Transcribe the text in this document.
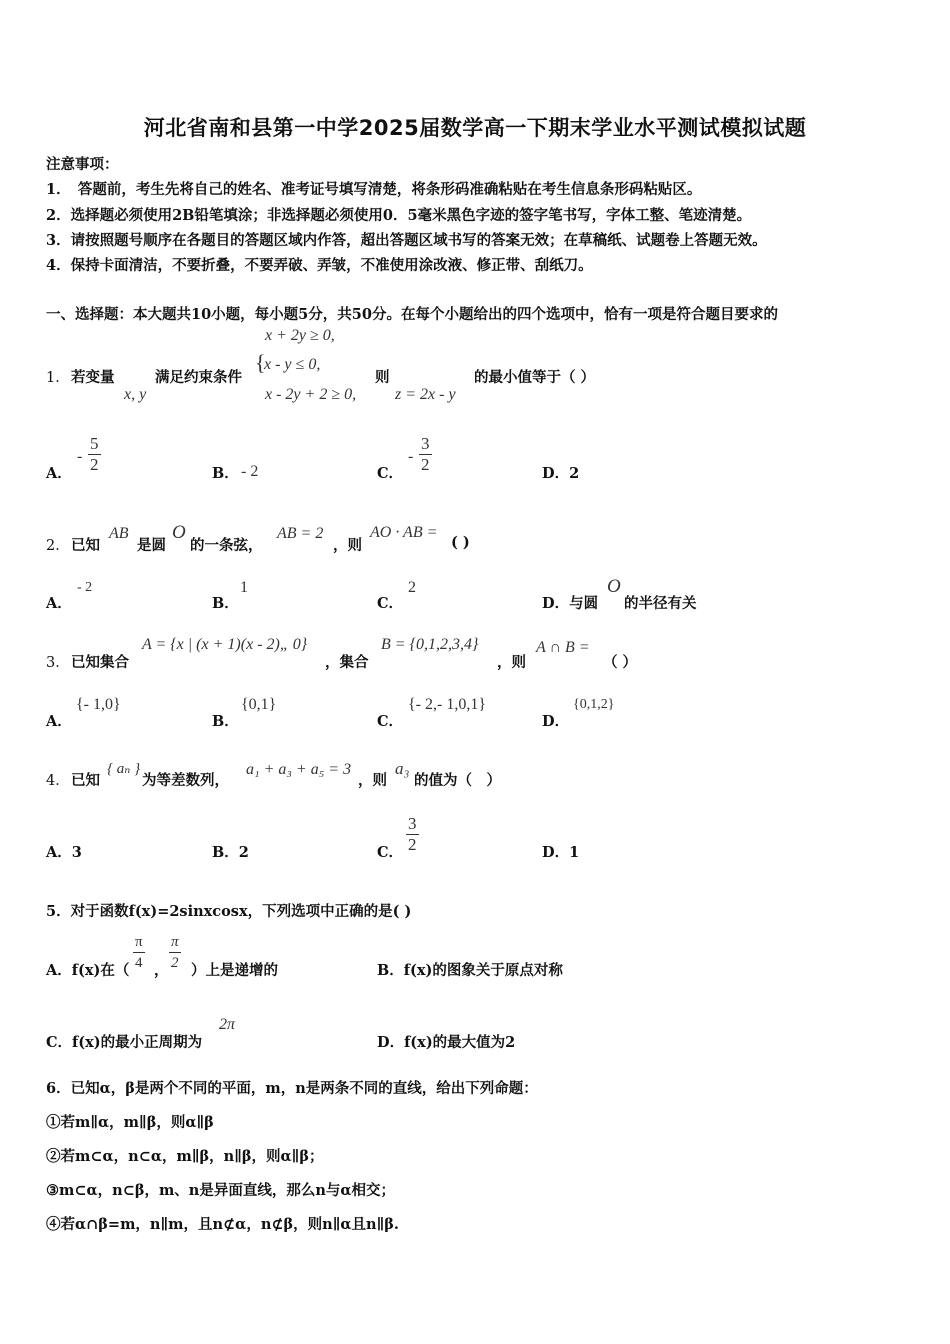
河北省南和县第一中学2025届数学高一下期末学业水平测试模拟试题
注意事项：
1．　答题前，考生先将自己的姓名、准考证号填写清楚，将条形码准确粘贴在考生信息条形码粘贴区。
2．选择题必须使用2B铅笔填涂；非选择题必须使用0．5毫米黑色字迹的签字笔书写，字体工整、笔迹清楚。
3．请按照题号顺序在各题目的答题区域内作答，超出答题区域书写的答案无效；在草稿纸、试题卷上答题无效。
4．保持卡面清洁，不要折叠，不要弄破、弄皱，不准使用涂改液、修正带、刮纸刀。
一、选择题：本大题共10小题，每小题5分，共50分。在每个小题给出的四个选项中，恰有一项是符合题目要求的
1． 若变量
x, y
满足约束条件
x + 2y ≥ 0,
{
x - y ≤ 0,
x - 2y + 2 ≥ 0,
则
z = 2x - y
的最小值等于（ ）
A．
- $\frac{5}{2}$	B． - 2	C．
- $\frac{3}{2}$	D．2
2． 已知
AB
是圆
O
的一条弦，
AB = 2
，则
AO · AB =
( )
A．
- 2
B．
1
C．
2
D．与圆
O
的半径有关
3． 已知集合
A = {x | (x + 1)(x - 2)„ 0}
，集合
B = {0,1,2,3,4}
，则
A ∩ B =
（ ）
A．
{- 1,0}
B．
{0,1}
C．
{- 2,- 1,0,1}
D．
{0,1,2}
4． 已知
{ aₙ }
为等差数列，
a₁ + a₃ + a₅ = 3
，则
a₃
的值为（　）
A．3	B．2	C． $\frac{3}{2}$	D．1
5．对于函数f(x)=2sinxcosx，下列选项中正确的是( )
A．f(x)在（ $\frac{\pi}{4}$ ， $\frac{\pi}{2}$ ）上是递增的	B．f(x)的图象关于原点对称
C．f(x)的最小正周期为
2π
D．f(x)的最大值为2
6．已知α，β是两个不同的平面，m，n是两条不同的直线，给出下列命题：
①若m∥α，m∥β，则α∥β
②若m⊂α，n⊂α，m∥β，n∥β，则α∥β；
③m⊂α，n⊂β，m、n是异面直线，那么n与α相交；
④若α∩β=m，n∥m，且n⊄α，n⊄β，则n∥α且n∥β.
